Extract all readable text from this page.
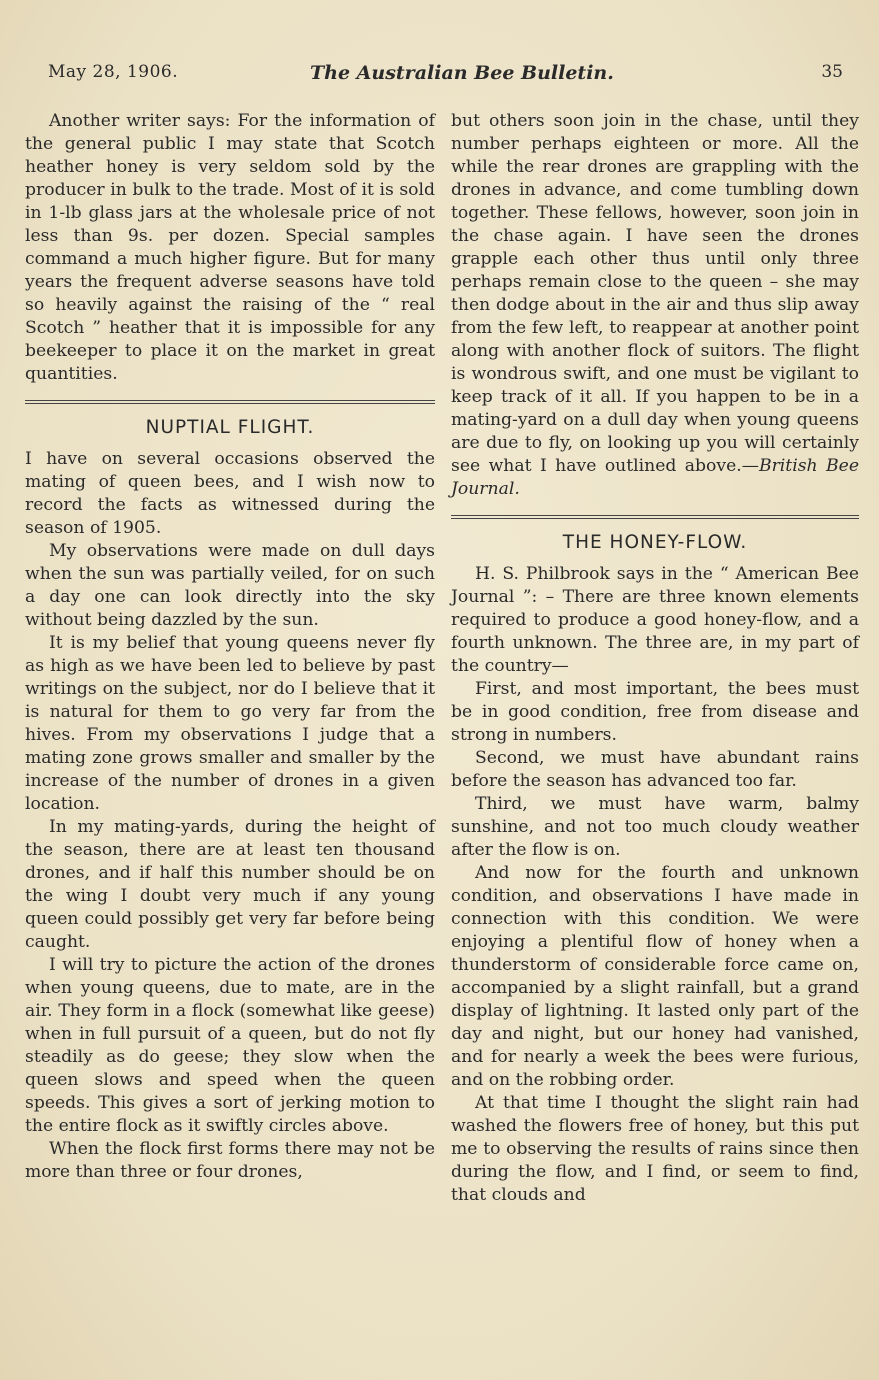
May 28, 1906.	The Australian Bee Bulletin.	35

Another writer says: For the information of the general public I may state that Scotch heather honey is very seldom sold by the producer in bulk to the trade. Most of it is sold in 1-lb glass jars at the wholesale price of not less than 9s. per dozen. Special samples command a much higher figure. But for many years the frequent adverse seasons have told so heavily against the raising of the “ real Scotch ” heather that it is impossible for any beekeeper to place it on the market in great quantities.

NUPTIAL FLIGHT.

I have on several occasions observed the mating of queen bees, and I wish now to record the facts as witnessed during the season of 1905.

My observations were made on dull days when the sun was partially veiled, for on such a day one can look directly into the sky without being dazzled by the sun.

It is my belief that young queens never fly as high as we have been led to believe by past writings on the subject, nor do I believe that it is natural for them to go very far from the hives. From my observations I judge that a mating zone grows smaller and smaller by the increase of the number of drones in a given location.

In my mating-yards, during the height of the season, there are at least ten thousand drones, and if half this number should be on the wing I doubt very much if any young queen could possibly get very far before being caught.

I will try to picture the action of the drones when young queens, due to mate, are in the air. They form in a flock (somewhat like geese) when in full pursuit of a queen, but do not fly steadily as do geese; they slow when the queen slows and speed when the queen speeds. This gives a sort of jerking motion to the entire flock as it swiftly circles above.

When the flock first forms there may not be more than three or four drones,

but others soon join in the chase, until they number perhaps eighteen or more. All the while the rear drones are grappling with the drones in advance, and come tumbling down together. These fellows, however, soon join in the chase again. I have seen the drones grapple each other thus until only three perhaps remain close to the queen – she may then dodge about in the air and thus slip away from the few left, to reappear at another point along with another flock of suitors. The flight is wondrous swift, and one must be vigilant to keep track of it all. If you happen to be in a mating-yard on a dull day when young queens are due to fly, on looking up you will certainly see what I have outlined above.—British Bee Journal.

THE HONEY-FLOW.

H. S. Philbrook says in the “ American Bee Journal ”: – There are three known elements required to produce a good honey-flow, and a fourth unknown. The three are, in my part of the country—

First, and most important, the bees must be in good condition, free from disease and strong in numbers.

Second, we must have abundant rains before the season has advanced too far.

Third, we must have warm, balmy sunshine, and not too much cloudy weather after the flow is on.

And now for the fourth and unknown condition, and observations I have made in connection with this condition. We were enjoying a plentiful flow of honey when a thunderstorm of considerable force came on, accompanied by a slight rainfall, but a grand display of lightning. It lasted only part of the day and night, but our honey had vanished, and for nearly a week the bees were furious, and on the robbing order.

At that time I thought the slight rain had washed the flowers free of honey, but this put me to observing the results of rains since then during the flow, and I find, or seem to find, that clouds and
